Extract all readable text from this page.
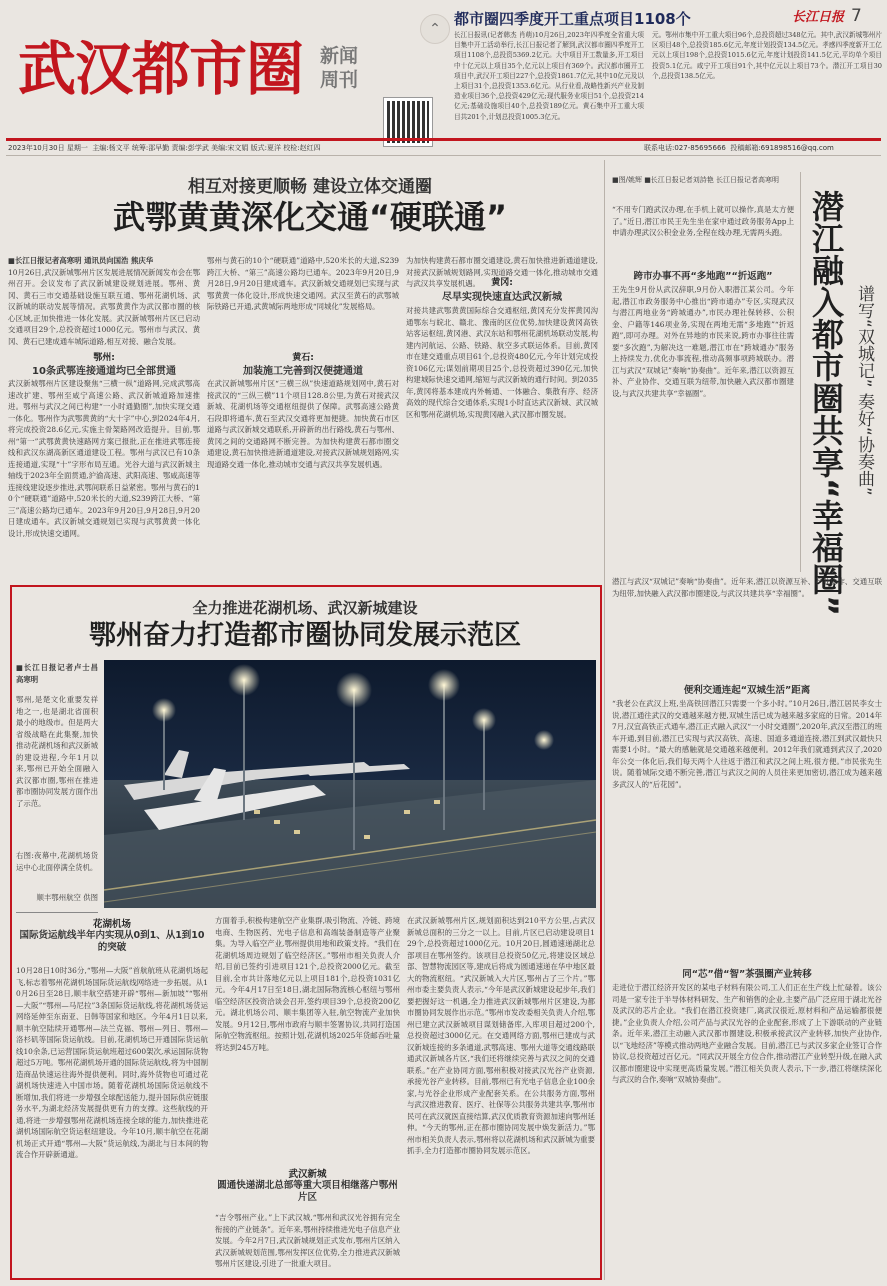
⌃
7
长江日报
武汉都市圈 新闻
周刊
都市圈四季度开工重点项目1108个
长江日报讯(记者韩杰 肖萌)10月26日,2023年四季度全省重大项目集中开工活动举行,长江日报记者了解到,武汉都市圈四季度开工项目1108个,总投资5369.2亿元。大中项目开工数量多,开工项目中十亿元以上项目35个,亿元以上项目有369个。武汉都市圈开工项目中,武汉开工项目227个,总投资1861.7亿元,其中10亿元及以上项目31个,总投资1353.6亿元。从行业看,战略性新兴产业及制造业项目36个,总投资429亿元;现代服务业项目51个,总投资214亿元;基础设施项目40个,总投资189亿元。黄石集中开工重大项目共201个,计划总投资1005.3亿元。
元。鄂州市集中开工重大项目96个,总投资超过348亿元。其中,武汉新城鄂州片区项目48个,总投资185.6亿元,年度计划投资134.5亿元。孝感四季度新开工亿元以上项目198个,总投资1015.6亿元,年度计划投资141.5亿元,平均单个项目投资5.1亿元。咸宁开工项目91个,其中亿元以上项目73个。潜江开工项目30个,总投资138.5亿元。
2023年10月30日 星期一 主编:杨文平 统筹:邵早勤 责编:彭学武 美编:宋文娟 版式:夏洋 校检:赵红四	联系电话:027-85695666 投稿邮箱:691898516@qq.com
相互对接更顺畅 建设立体交通圈
武鄂黄黄深化交通“硬联通”
■长江日报记者高寒明 通讯员向国浩 熊庆华
10月26日,武汉新城鄂州片区发展进展情况新闻发布会在鄂州召开。会议发布了武汉新城建设规划进展。鄂州、黄冈、黄石三市交通基础设施互联互通、鄂州花湖机场、武汉新城的联动发展等情况。武鄂黄黄作为武汉都市圈的核心区域,正加快推进一体化发展。武汉新城鄂州片区已启动交通项目29个,总投资超过1000亿元。鄂州市与武汉、黄冈、黄石已建成通车城际道路,相互对接、融合发展。
鄂州:
10条武鄂连接通道均已全部贯通
武汉新城鄂州片区建设聚焦“三横一纵”道路网,完成武鄂高速改扩建、鄂州至咸宁高速公路、武汉新城道路加速推进。鄂州与武汉之间已构建“一小时通勤圈”,加快实现交通一体化。鄂州作为武鄂黄黄的“大十字”中心,到2024年4月,将完成投资28.6亿元,实施主骨架路网改造提升。目前,鄂州“第一”武鄂黄黄快速路网方案已报批,正在推进武鄂连接线和武汉东湖高新区通道建设工程。鄂州与武汉已有10条连接通道,实现“十”字形布局互通。光谷大道与武汉新城主轴线于2023年全面贯通,沪渝高速、武阳高速、鄂咸高速等连接线建设逐步推进,武鄂间联系日益紧密。鄂州与黄石的10个“硬联通”道路中,520米长的大道,S239跨江大桥、“第三”高速公路均已通车。2023年9月20日,9月28日,9月20日建成通车。武汉新城交通规划已实现与武鄂黄黄一体化设计,形成快速交通网。
鄂州与黄石的10个“硬联通”道路中,520米长的大道,S239跨江大桥、“第三”高速公路均已通车。2023年9月20日,9月28日,9月20日建成通车。武汉新城交通规划已实现与武鄂黄黄一体化设计,形成快速交通网。武汉至黄石的武鄂城际铁路已开通,武黄城际两地形成“同城化”发展格局。
黄石:
加装施工完善到汉便捷通道
在武汉新城鄂州片区“三横三纵”快速道路规划网中,黄石对接武汉的“三纵三横”11个项目128.8公里,为黄石对接武汉新城、花湖机场等交通枢纽提供了保障。武鄂高速公路黄石段即将通车,黄石至武汉交通将更加便捷。加快黄石市区道路与武汉新城交通联系,开辟新的出行路线,黄石与鄂州、黄冈之间的交通路网不断完善。为加快构建黄石都市圈交通建设,黄石加快推进新通道建设,对接武汉新城规划路网,实现道路交通一体化,推动城市交通与武汉共享发展机遇。
为加快构建黄石都市圈交通建设,黄石加快推进新通道建设,对接武汉新城规划路网,实现道路交通一体化,推动城市交通与武汉共享发展机遇。	黄冈:
尽早实现快速直达武汉新城
对接共建武鄂黄黄国际综合交通枢纽,黄冈充分发挥黄冈沟通鄂东与皖北、赣北、豫南的区位优势,加快建设黄冈高铁站客运枢纽,黄冈港、武汉东站和鄂州花湖机场联动发展,构建内河航运、公路、铁路、航空多式联运体系。目前,黄冈市在建交通重点项目61个,总投资480亿元,今年计划完成投资106亿元;谋划前期项目25个,总投资超过390亿元,加快构建城际快速交通网,缩短与武汉新城的通行时间。到2035年,黄冈将基本建成内外畅通、一体融合、集散有序、经济高效的现代综合交通体系,实现1小时直达武汉新城、武汉城区和鄂州花湖机场,实现黄冈融入武汉都市圈发展。
■图/姚辉 ■长江日报记者刘詩艳 长江日报记者高寒明
潜江融入都市圈共享“幸福圈” 谱写“双城记” 奏好“协奏曲”
“不用专门跑武汉办理,在手机上就可以操作,真是太方便了。”近日,潜江市民王先生坐在家中通过政务服务App上申请办理武汉公积金业务,全程在线办理,无需两头跑。
跨市办事不再“多地跑”“折返跑”
王先生9月份从武汉辞职,9月份入职潜江某公司。今年起,潜江市政务服务中心推出“跨市通办”专区,实现武汉与潜江两地业务“跨城通办”,市民办理社保转移、公积金、户籍等146项业务,实现在两地无需“多地跑”“折返跑”,即可办理。对外在异地的市民来说,跨市办事往往需要“多次跑”,为解决这一难题,潜江市在“跨城通办”服务上持续发力,优化办事流程,推动高频事项跨城联办。潜江与武汉“双城记”奏响“协奏曲”。近年来,潜江以资源互补、产业协作、交通互联为纽带,加快融入武汉都市圈建设,与武汉共建共享“幸福圈”。
潜江与武汉“双城记”奏响“协奏曲”。近年来,潜江以资源互补、产业协作、交通互联为纽带,加快融入武汉都市圈建设,与武汉共建共享“幸福圈”。
便利交通连起“双城生活”距离
“我老公在武汉上班,坐高铁回潜江只需要一个多小时。”10月26日,潜江居民李女士说,潜江通往武汉的交通越来越方便,双城生活已成为越来越多家庭的日常。2014年7月,汉宜高铁正式通车,潜江正式融入武汉“一小时交通圈”,2020年,武汉至潜江的班车开通,到目前,潜江已实现与武汉高铁、高速、国道多通道连接,潜江到武汉最快只需要1小时。“最大的感触就是交通越来越便利。2012年我们就通到武汉了,2020年公交一体化后,我们每天两个人往返于潜江和武汉之间上班,很方便。”市民张先生说。随着城际交通不断完善,潜江与武汉之间的人员往来更加密切,潜江成为越来越多武汉人的“后花园”。
同“芯”借“智”茶强圈产业转移
走进位于潜江经济开发区的某电子材料有限公司,工人们正在生产线上忙碌着。该公司是一家专注于半导体材料研发、生产和销售的企业,主要产品广泛应用于湖北光谷及武汉的芯片企业。“我们在潜江投资建厂,离武汉很近,原材料和产品运输都很便捷。”企业负责人介绍,公司产品与武汉光谷的企业配套,形成了上下游联动的产业链条。近年来,潜江主动融入武汉都市圈建设,积极承接武汉产业转移,加快产业协作,以“飞地经济”等模式推动两地产业融合发展。目前,潜江已与武汉多家企业签订合作协议,总投资超过百亿元。“同武汉开展全方位合作,推动潜江产业转型升级,在融入武汉都市圈建设中实现更高质量发展。”潜江相关负责人表示,下一步,潜江将继续深化与武汉的合作,奏响“双城协奏曲”。
全力推进花湖机场、武汉新城建设
鄂州奋力打造都市圈协同发展示范区
■长江日报记者卢士昌 高寒明
鄂州,是楚文化重要发祥地之一,也是湖北省面积最小的地级市。但是两大省级战略在此集聚,加快推动花湖机场和武汉新城的建设进程,今年1月以来,鄂州已开始全面融入武汉都市圈,鄂州在推进都市圈协同发展方面作出了示范。
右图:夜幕中,花湖机场货运中心北面停满全货机。
顺丰鄂州航空 供图
花湖机场
国际货运航线半年内实现从0到1、从1到10的突破
10月28日10时36分,“鄂州—大阪”首航航班从花湖机场起飞,标志着鄂州花湖机场国际货运航线网络进一步拓展。从10月26日至28日,顺丰航空搭建开辟“鄂州—新加坡”“鄂州—大阪”“鄂州—马尼拉”3条国际货运航线,将花湖机场货运网络延伸至东南亚、日韩等国家和地区。今年4月1日以来,顺丰航空陆续开通鄂州—法兰克福、鄂州—列日、鄂州—洛杉矶等国际货运航线。目前,花湖机场已开通国际货运航线10余条,已运营国际货运航班超过600架次,承运国际货物超过5万吨。鄂州花湖机场开通的国际货运航线,将为中国制造商品快速运往海外提供便利。同时,海外货物也可通过花湖机场快速进入中国市场。随着花湖机场国际货运航线不断增加,我们将进一步增强全球配送能力,提升国际供应链服务水平,为湖北经济发展提供更有力的支撑。这些航线的开通,将进一步增强鄂州花湖机场连接全球的能力,加快推进花湖机场国际航空货运枢纽建设。今年10月,顺丰航空在花湖机场正式开通“鄂州—大阪”货运航线,为湖北与日本间的物流合作开辟新通道。
方面着手,积极构建航空产业集群,吸引物流、冷链、跨境电商、生物医药、光电子信息和高端装备制造等产业聚集。为导入临空产业,鄂州提供用地和政策支持。“我们在花湖机场周边规划了临空经济区。”鄂州市相关负责人介绍,目前已签约引进项目121个,总投资2000亿元。截至目前,全市共计落地亿元以上项目181个,总投资1031亿元。今年4月17日至18日,湖北国际物流核心枢纽与鄂州临空经济区投资洽谈会召开,签约项目39个,总投资200亿元。湖北机场公司、顺丰集团等入驻,航空物流产业加快发展。9月12日,鄂州市政府与顺丰签署协议,共同打造国际航空物流枢纽。按照计划,花湖机场2025年货邮吞吐量将达到245万吨。
武汉新城
圆通快递湖北总部等重大项目相继落户鄂州片区
“吉令鄂州产业。”上下武汉城,“鄂州和武汉光谷拥有完全衔接的产业链条”。近年来,鄂州持续推进光电子信息产业发展。今年2月7日,武汉新城规划正式发布,鄂州片区纳入武汉新城规划范围,鄂州发挥区位优势,全力推进武汉新城鄂州片区建设,引进了一批重大项目。
在武汉新城鄂州片区,规划面积达到210平方公里,占武汉新城总面积的三分之一以上。目前,片区已启动建设项目129个,总投资超过1000亿元。10月20日,圆通速递湖北总部项目在鄂州签约。该项目总投资50亿元,将建设区域总部、智慧物流园区等,建成后将成为圆通速递在华中地区最大的物流枢纽。“武汉新城入大片区,鄂州占了三个片。”鄂州市委主要负责人表示,“今年是武汉新城建设起步年,我们要把握好这一机遇,全力推进武汉新城鄂州片区建设,为都市圈协同发展作出示范。”鄂州市发改委相关负责人介绍,鄂州已建立武汉新城项目谋划储备库,入库项目超过200个,总投资超过3000亿元。在交通网络方面,鄂州已建成与武汉新城连接的多条通道,武鄂高速、鄂州大道等交通线路联通武汉新城各片区,“我们还将继续完善与武汉之间的交通联系。”在产业协同方面,鄂州积极对接武汉光谷产业资源,承接光谷产业转移。目前,鄂州已有光电子信息企业100余家,与光谷企业形成产业配套关系。在公共服务方面,鄂州与武汉推进教育、医疗、社保等公共服务共建共享,鄂州市民可在武汉就医直接结算,武汉优质教育资源加速向鄂州延伸。“今天的鄂州,正在都市圈协同发展中焕发新活力。”鄂州市相关负责人表示,鄂州将以花湖机场和武汉新城为重要抓手,全力打造都市圈协同发展示范区。
